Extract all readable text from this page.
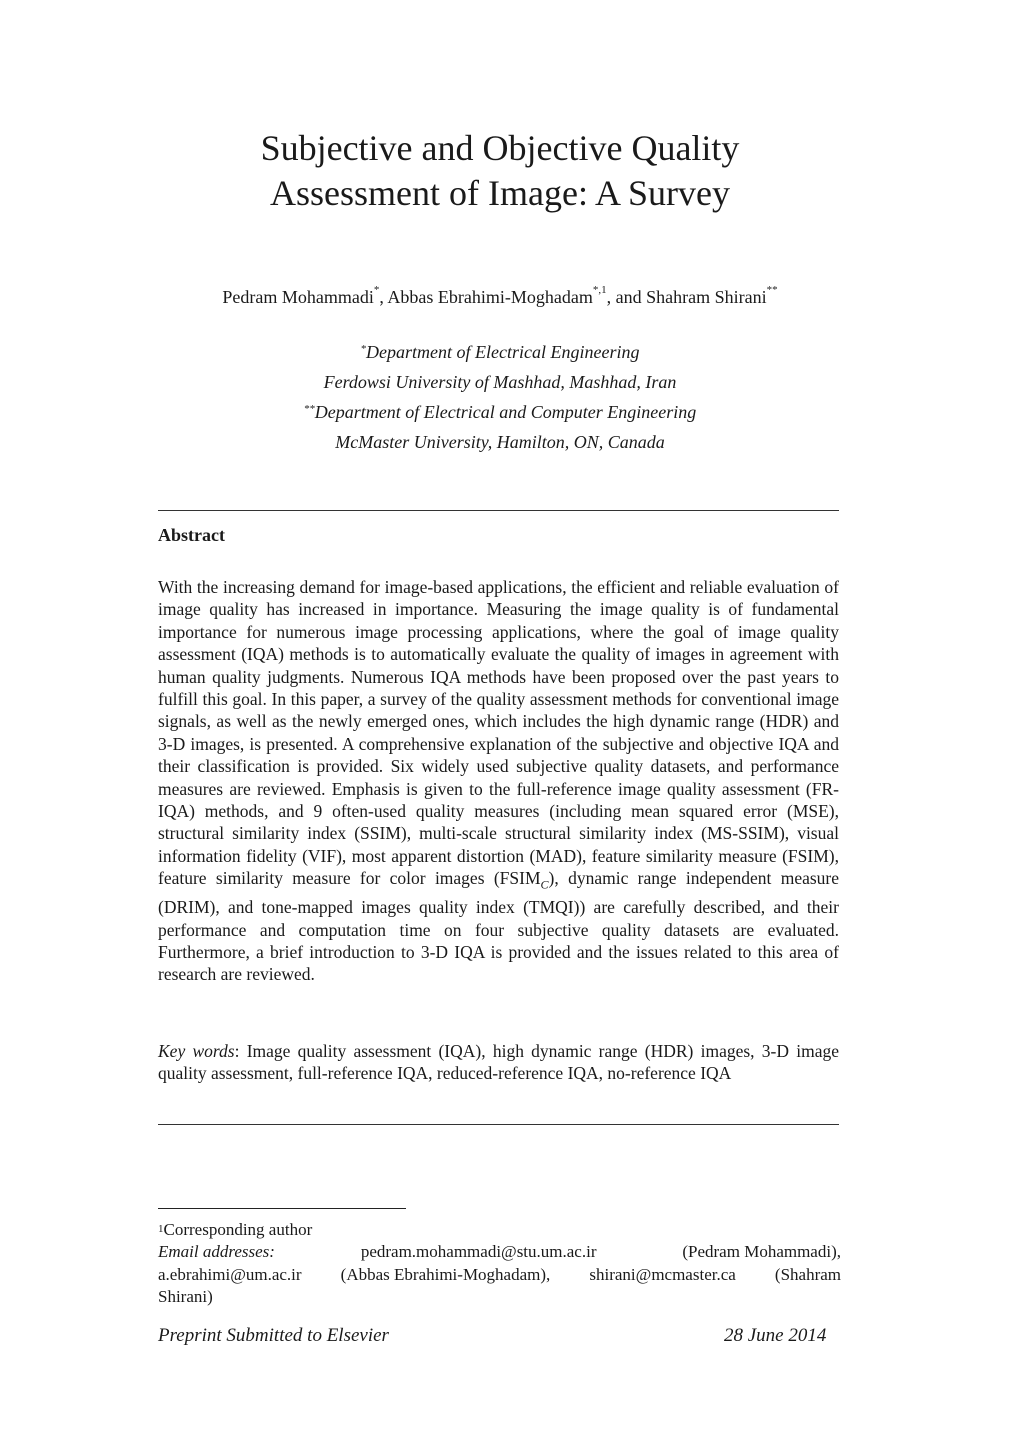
Subjective and Objective Quality
Assessment of Image: A Survey
Pedram Mohammadi*, Abbas Ebrahimi-Moghadam$^{*,1}$, and Shahram Shirani**
*Department of Electrical Engineering
Ferdowsi University of Mashhad, Mashhad, Iran
**Department of Electrical and Computer Engineering
McMaster University, Hamilton, ON, Canada
Abstract

With the increasing demand for image-based applications, the efficient and reliable evaluation of image quality has increased in importance. Measuring the image quality is of fundamental importance for numerous image processing applications, where the goal of image quality assessment (IQA) methods is to automatically evaluate the quality of images in agreement with human quality judgments. Numerous IQA methods have been proposed over the past years to fulfill this goal. In this paper, a survey of the quality assessment methods for conventional image signals, as well as the newly emerged ones, which includes the high dynamic range (HDR) and 3-D images, is presented. A comprehensive explanation of the subjective and objective IQA and their classification is provided. Six widely used subjective quality datasets, and performance measures are reviewed. Emphasis is given to the full-reference image quality assessment (FR-IQA) methods, and 9 often-used quality measures (including mean squared error (MSE), structural similarity index (SSIM), multi-scale structural similarity index (MS-SSIM), visual information fidelity (VIF), most apparent distortion (MAD), feature similarity measure (FSIM), feature similarity measure for color images $(FSIM_C)$, dynamic range independent measure (DRIM), and tone-mapped images quality index (TMQI)) are carefully described, and their performance and computation time on four subjective quality datasets are evaluated. Furthermore, a brief introduction to 3-D IQA is provided and the issues related to this area of research are reviewed.

Key words: Image quality assessment (IQA), high dynamic range (HDR) images, 3-D image quality assessment, full-reference IQA, reduced-reference IQA, no-reference IQA

$^1$Corresponding author

Email addresses:	pedram.mohammadi@stu.um.ac.ir	(Pedram Mohammadi),
a.ebrahimi@um.ac.ir (Abbas Ebrahimi-Moghadam), shirani@mcmaster.ca (Shahram

Shirani)

Preprint Submitted to Elsevier	28 June 2014
